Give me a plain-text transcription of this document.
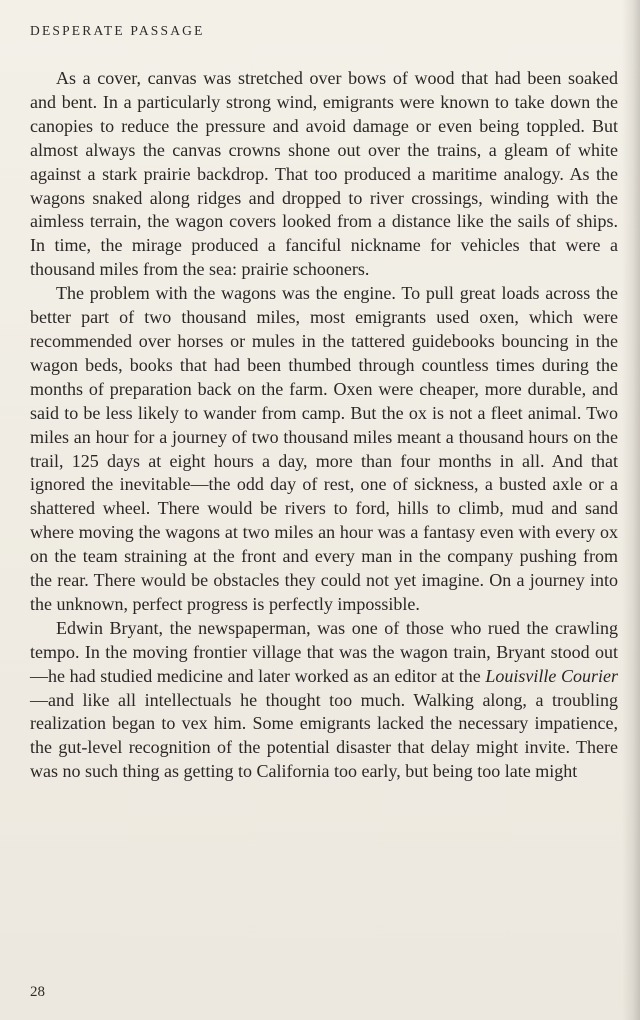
DESPERATE PASSAGE

As a cover, canvas was stretched over bows of wood that had been soaked and bent. In a particularly strong wind, emigrants were known to take down the canopies to reduce the pressure and avoid damage or even being toppled. But almost always the canvas crowns shone out over the trains, a gleam of white against a stark prairie backdrop. That too produced a maritime analogy. As the wagons snaked along ridges and dropped to river crossings, winding with the aimless terrain, the wagon covers looked from a distance like the sails of ships. In time, the mirage produced a fanciful nickname for vehicles that were a thousand miles from the sea: prairie schooners.

The problem with the wagons was the engine. To pull great loads across the better part of two thousand miles, most emigrants used oxen, which were recommended over horses or mules in the tattered guidebooks bouncing in the wagon beds, books that had been thumbed through countless times during the months of preparation back on the farm. Oxen were cheaper, more durable, and said to be less likely to wander from camp. But the ox is not a fleet animal. Two miles an hour for a journey of two thousand miles meant a thousand hours on the trail, 125 days at eight hours a day, more than four months in all. And that ignored the inevitable—the odd day of rest, one of sickness, a busted axle or a shattered wheel. There would be rivers to ford, hills to climb, mud and sand where moving the wagons at two miles an hour was a fantasy even with every ox on the team straining at the front and every man in the company pushing from the rear. There would be obstacles they could not yet imagine. On a journey into the unknown, perfect progress is perfectly impossible.

Edwin Bryant, the newspaperman, was one of those who rued the crawling tempo. In the moving frontier village that was the wagon train, Bryant stood out—he had studied medicine and later worked as an editor at the Louisville Courier—and like all intellectuals he thought too much. Walking along, a troubling realization began to vex him. Some emigrants lacked the necessary impatience, the gut-level recognition of the potential disaster that delay might invite. There was no such thing as getting to California too early, but being too late might

28
